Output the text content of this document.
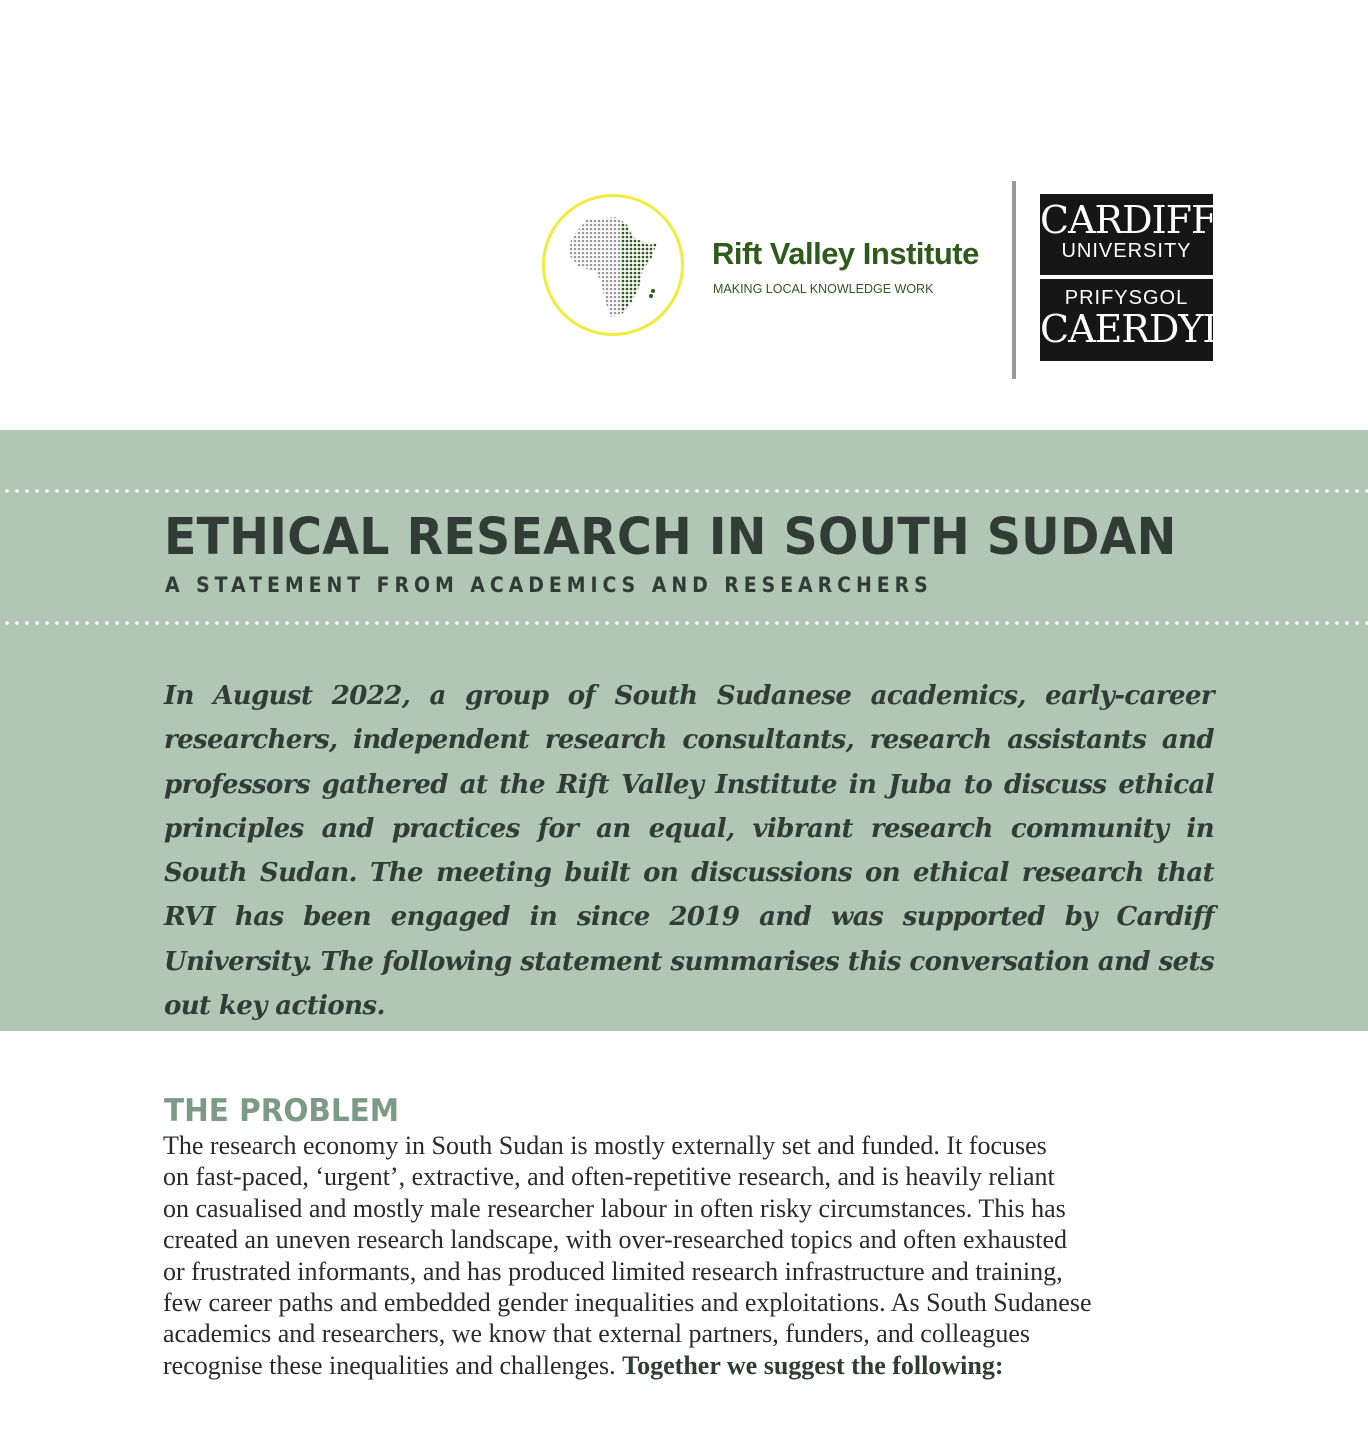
Rift Valley Institute
MAKING LOCAL KNOWLEDGE WORK
CARDIFF
UNIVERSITY
PRIFYSGOL
CAERDYDD
ETHICAL RESEARCH IN SOUTH SUDAN
A STATEMENT FROM ACADEMICS AND RESEARCHERS

In August 2022, a group of South Sudanese academics, early-career researchers, independent research consultants, research assistants and professors gathered at the Rift Valley Institute in Juba to discuss ethical principles and practices for an equal, vibrant research community in South Sudan. The meeting built on discussions on ethical research that RVI has been engaged in since 2019 and was supported by Cardiff University. The following statement summarises this conversation and sets out key actions.

THE PROBLEM

The research economy in South Sudan is mostly externally set and funded. It focuses
on fast-paced, ‘urgent’, extractive, and often-repetitive research, and is heavily reliant
on casualised and mostly male researcher labour in often risky circumstances. This has
created an uneven research landscape, with over-researched topics and often exhausted
or frustrated informants, and has produced limited research infrastructure and training,
few career paths and embedded gender inequalities and exploitations. As South Sudanese
academics and researchers, we know that external partners, funders, and colleagues
recognise these inequalities and challenges. Together we suggest the following:
